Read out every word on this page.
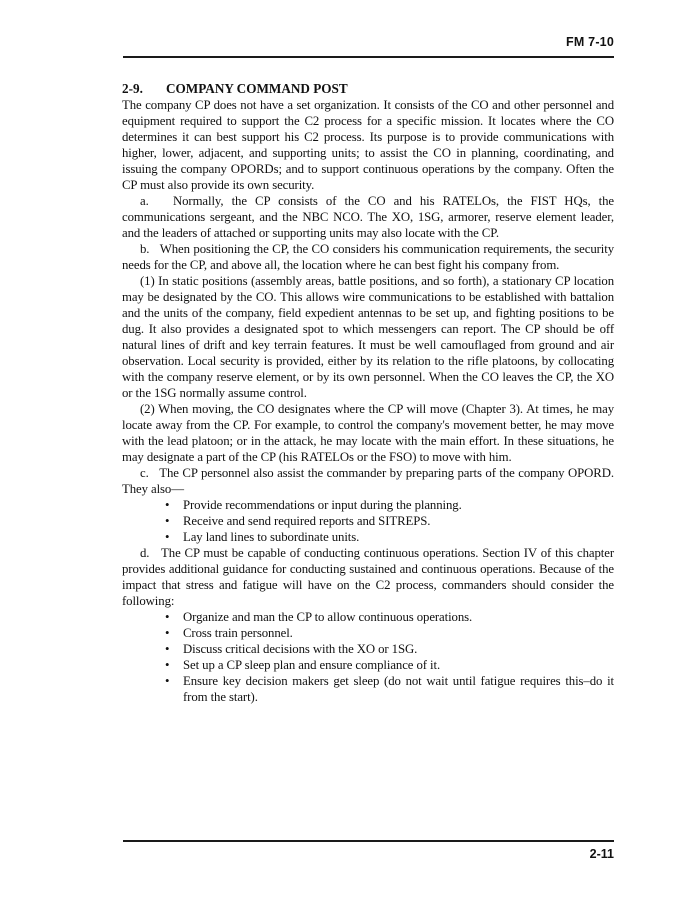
FM 7-10
2-9. COMPANY COMMAND POST

The company CP does not have a set organization. It consists of the CO and other personnel and equipment required to support the C2 process for a specific mission. It locates where the CO determines it can best support his C2 process. Its purpose is to provide communications with higher, lower, adjacent, and supporting units; to assist the CO in planning, coordinating, and issuing the company OPORDs; and to support continuous operations by the company. Often the CP must also provide its own security.

a.   Normally, the CP consists of the CO and his RATELOs, the FIST HQs, the communications sergeant, and the NBC NCO. The XO, 1SG, armorer, reserve element leader, and the leaders of attached or supporting units may also locate with the CP.

b.   When positioning the CP, the CO considers his communication requirements, the security needs for the CP, and above all, the location where he can best fight his company from.

(1) In static positions (assembly areas, battle positions, and so forth), a stationary CP location may be designated by the CO. This allows wire communications to be established with battalion and the units of the company, field expedient antennas to be set up, and fighting positions to be dug. It also provides a designated spot to which messengers can report. The CP should be off natural lines of drift and key terrain features. It must be well camouflaged from ground and air observation. Local security is provided, either by its relation to the rifle platoons, by collocating with the company reserve element, or by its own personnel. When the CO leaves the CP, the XO or the 1SG normally assume control.

(2) When moving, the CO designates where the CP will move (Chapter 3). At times, he may locate away from the CP. For example, to control the company's movement better, he may move with the lead platoon; or in the attack, he may locate with the main effort. In these situations, he may designate a part of the CP (his RATELOs or the FSO) to move with him.

c.   The CP personnel also assist the commander by preparing parts of the company OPORD. They also—

• Provide recommendations or input during the planning.
• Receive and send required reports and SITREPS.
• Lay land lines to subordinate units.

d.   The CP must be capable of conducting continuous operations. Section IV of this chapter provides additional guidance for conducting sustained and continuous operations. Because of the impact that stress and fatigue will have on the C2 process, commanders should consider the following:

• Organize and man the CP to allow continuous operations.
• Cross train personnel.
• Discuss critical decisions with the XO or 1SG.
• Set up a CP sleep plan and ensure compliance of it.
• Ensure key decision makers get sleep (do not wait until fatigue requires this–do it from the start).
2-11
